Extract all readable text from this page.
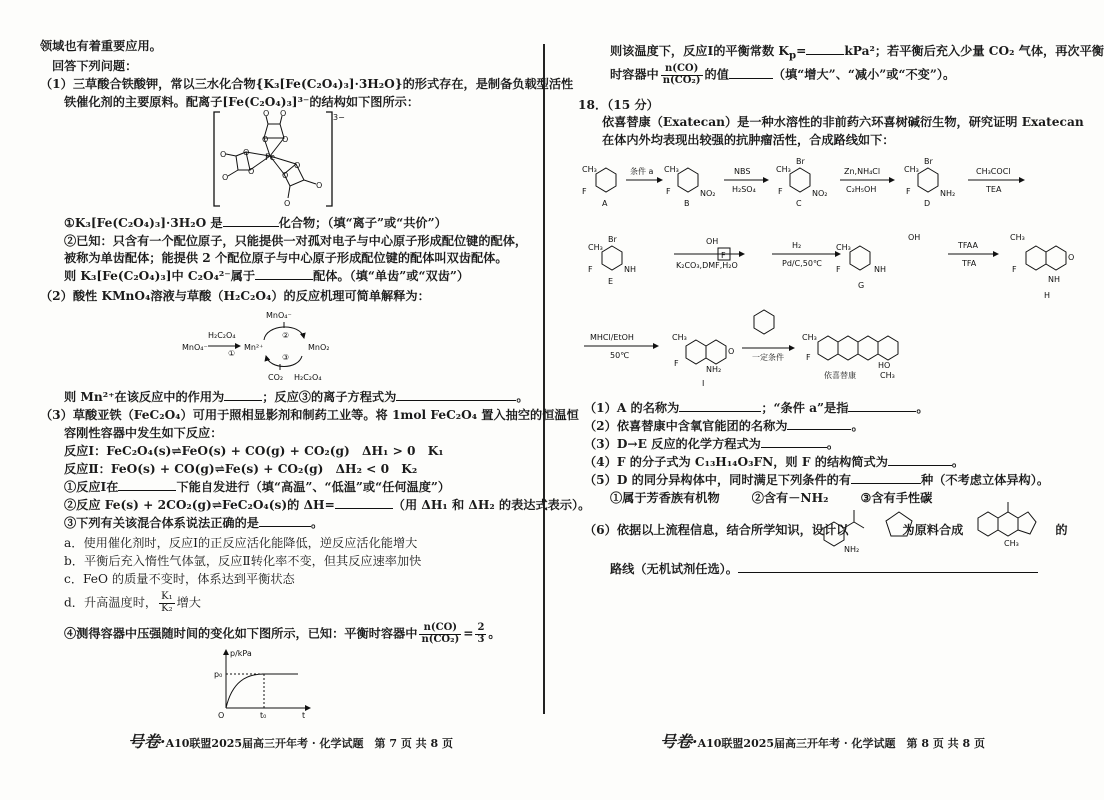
领域也有着重要应用。
回答下列问题：
（1）三草酸合铁酸钾，常以三水化合物{K₃[Fe(C₂O₄)₃]·3H₂O}的形式存在，是制备负载型活性
铁催化剂的主要原料。配离子[Fe(C₂O₄)₃]³⁻的结构如下图所示：
Fe
O O
O
O	O
O
O O
O
O
O
O
3−
①K₃[Fe(C₂O₄)₃]·3H₂O 是	化合物；（填“离子”或“共价”）
②已知：只含有一个配位原子，只能提供一对孤对电子与中心原子形成配位键的配体，
被称为单齿配体；能提供 2 个配位原子与中心原子形成配位键的配体叫双齿配体。
则 K₃[Fe(C₂O₄)₃]中 C₂O₄²⁻属于	配体。（填“单齿”或“双齿”）
（2）酸性 KMnO₄溶液与草酸（H₂C₂O₄）的反应机理可简单解释为：
MnO₄⁻
H₂C₂O₄
MnO₄⁻
①
Mn²⁺
②
③
MnO₂
CO₂ H₂C₂O₄
则 Mn²⁺在该反应中的作用为	；反应③的离子方程式为	。
（3）草酸亚铁（FeC₂O₄）可用于照相显影剂和制药工业等。将 1mol FeC₂O₄ 置入抽空的恒温恒
容刚性容器中发生如下反应：
反应Ⅰ：FeC₂O₄(s)⇌FeO(s) + CO(g) + CO₂(g)　ΔH₁ > 0　K₁
反应Ⅱ：FeO(s) + CO(g)⇌Fe(s) + CO₂(g)　ΔH₂ < 0　K₂
①反应Ⅰ在	下能自发进行（填“高温”、“低温”或“任何温度”）
②反应 Fe(s) + 2CO₂(g)⇌FeC₂O₄(s)的 ΔH=	（用 ΔH₁ 和 ΔH₂ 的表达式表示）。
③下列有关该混合体系说法正确的是	。
a．使用催化剂时，反应Ⅰ的正反应活化能降低，逆反应活化能增大
b．平衡后充入惰性气体氩，反应Ⅱ转化率不变，但其反应速率加快
c．FeO 的质量不变时，体系达到平衡状态
d．升高温度时， $\frac{\text{K₁}}{\text{K₂}}$ 增大
④测得容器中压强随时间的变化如下图所示，已知：平衡时容器中 $\frac{n(CO)}{\text{n(CO₂)}} = \frac{2}{3}$ 。
p/kPa
p₀
O	t₀	t
号卷·A10联盟2025届高三开年考 · 化学试题　第 7 页 共 8 页
则该温度下，反应Ⅰ的平衡常数 $K_p=$	kPa²；若平衡后充入少量 CO₂ 气体，再次平衡
时容器中 $\frac{n(CO)}{\text{n(CO₂)}}$ 的值	（填“增大”、“减小”或“不变”）。
18．（15 分）
依喜替康（Exatecan）是一种水溶性的非前药六环喜树碱衍生物，研究证明 Exatecan
在体内外均表现出较强的抗肿瘤活性，合成路线如下：
CH₃
F
A
条件 a CH₃
F	NO₂
B
NBS
H₂SO₄
CH₃
Br
F	NO₂
C
Zn,NH₄Cl
C₂H₅OH
CH₃
Br
F	NH₂
D
CH₃COCl
TEA
CH₃
Br
F	NH
E
OH
K₂CO₃,DMF,H₂O
F
H₂
Pd/C,50℃
CH₃
F	NH
OH
G
TFAA
TFA
CH₃
F
O
NH
H
MHCl/EtOH
50℃
CH₃
F
NH₂
O
I
一定条件
CH₃
F
HO
CH₃
依喜替康
（1）A 的名称为	；“条件 a”是指	。
（2）依喜替康中含氧官能团的名称为	。
（3）D→E 反应的化学方程式为	。
（4）F 的分子式为 C₁₃H₁₄O₃FN，则 F 的结构简式为	。
（5）D 的同分异构体中，同时满足下列条件的有	种（不考虑立体异构）。
①属于芳香族有机物	②含有－NH₂	③含有手性碳
（6）依据以上流程信息，结合所学知识，设计以	为原料合成	的
NH₂
CH₃
路线（无机试剂任选）。
号卷·A10联盟2025届高三开年考 · 化学试题　第 8 页 共 8 页
